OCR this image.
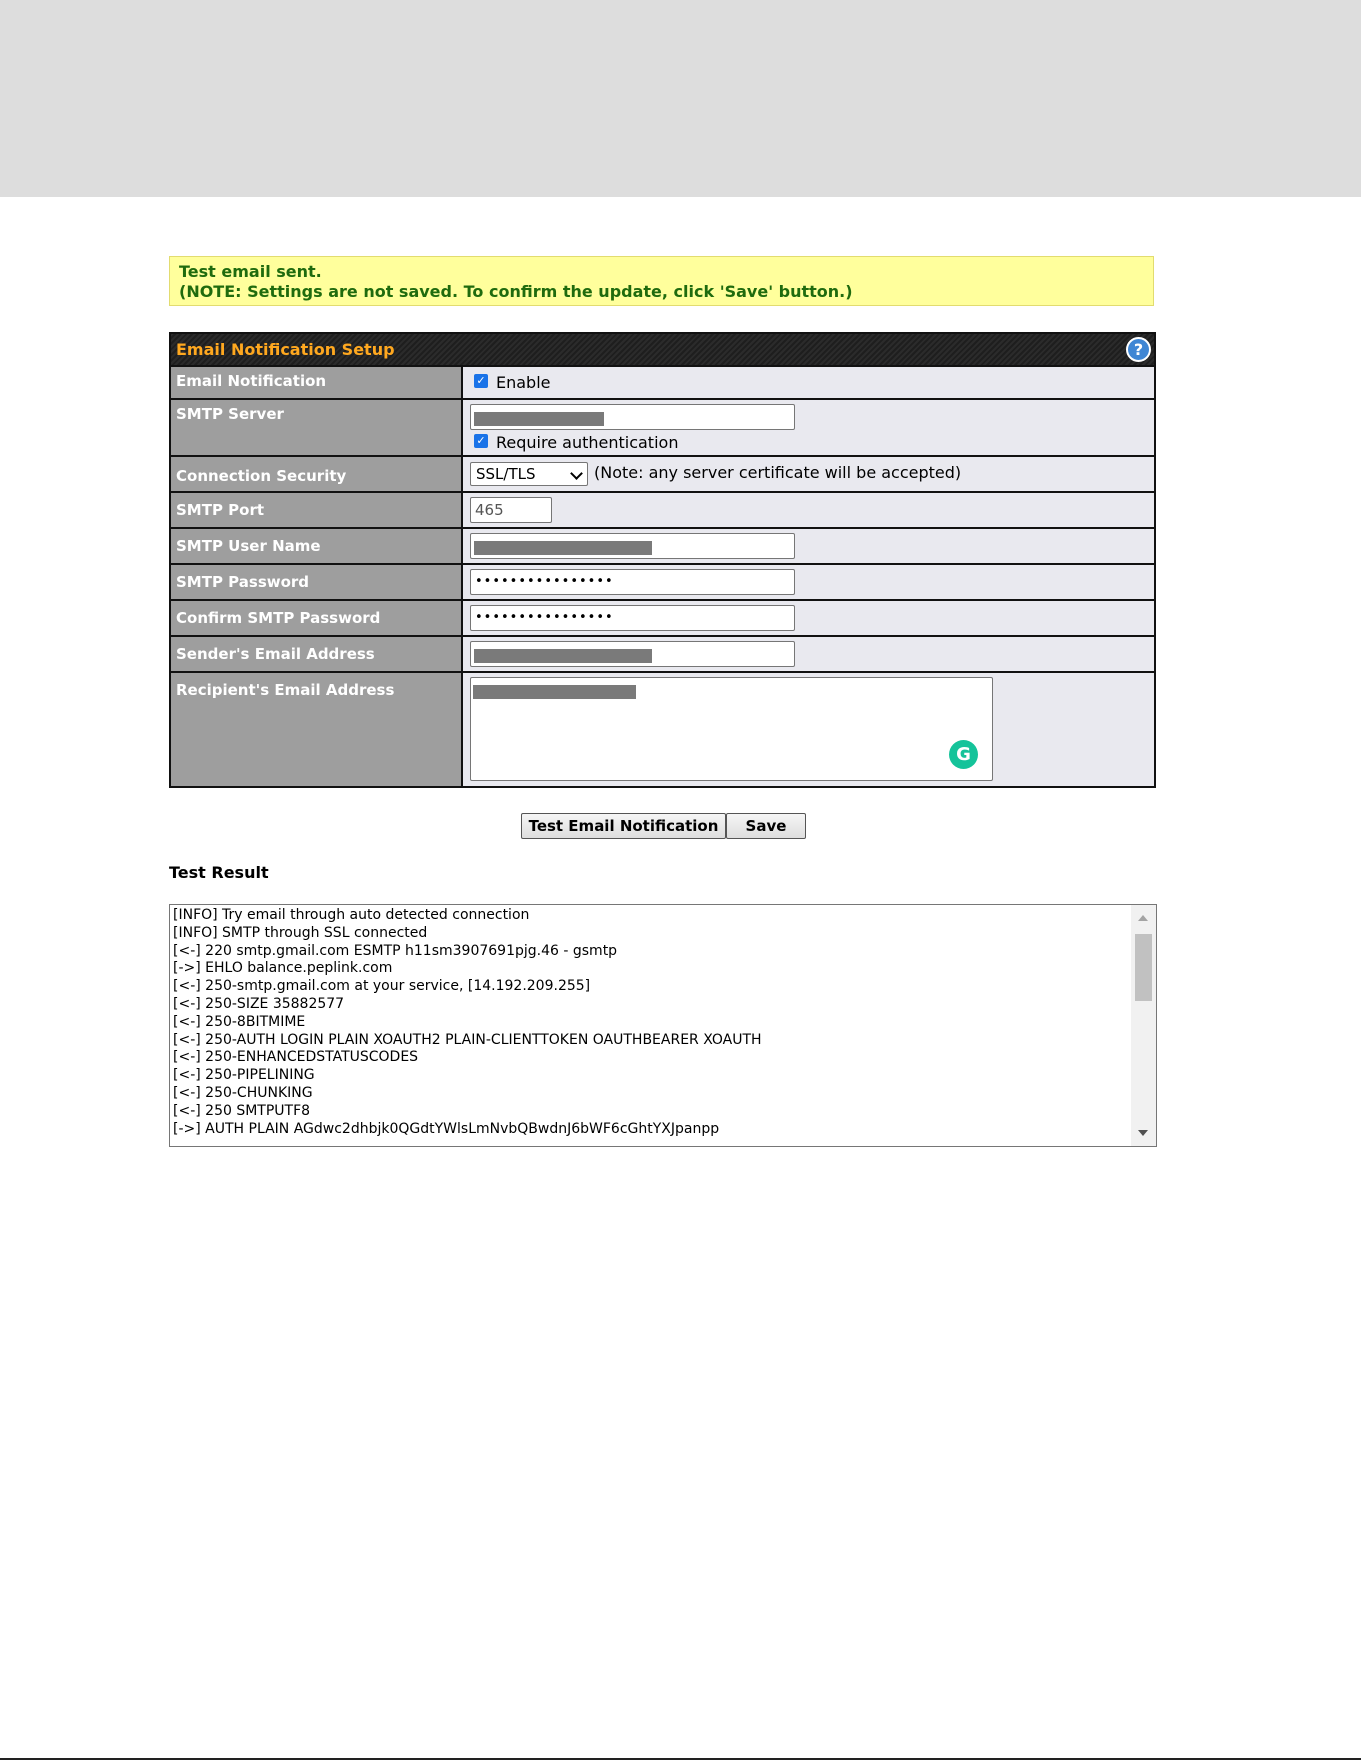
Test email sent.
(NOTE: Settings are not saved. To confirm the update, click 'Save' button.)
Email Notification Setup	?
Email Notification	✓ Enable
SMTP Server
✓ Require authentication
Connection Security	SSL/TLS	(Note: any server certificate will be accepted)
SMTP Port	465
SMTP User Name
SMTP Password	••••••••••••••••
Confirm SMTP Password	••••••••••••••••
Sender's Email Address
Recipient's Email Address
G
Test Email Notification	Save
Test Result
[INFO] Try email through auto detected connection
[INFO] SMTP through SSL connected
[<-] 220 smtp.gmail.com ESMTP h11sm3907691pjg.46 - gsmtp
[->] EHLO balance.peplink.com
[<-] 250-smtp.gmail.com at your service, [14.192.209.255]
[<-] 250-SIZE 35882577
[<-] 250-8BITMIME
[<-] 250-AUTH LOGIN PLAIN XOAUTH2 PLAIN-CLIENTTOKEN OAUTHBEARER XOAUTH
[<-] 250-ENHANCEDSTATUSCODES
[<-] 250-PIPELINING
[<-] 250-CHUNKING
[<-] 250 SMTPUTF8
[->] AUTH PLAIN AGdwc2dhbjk0QGdtYWlsLmNvbQBwdnJ6bWF6cGhtYXJpanpp
